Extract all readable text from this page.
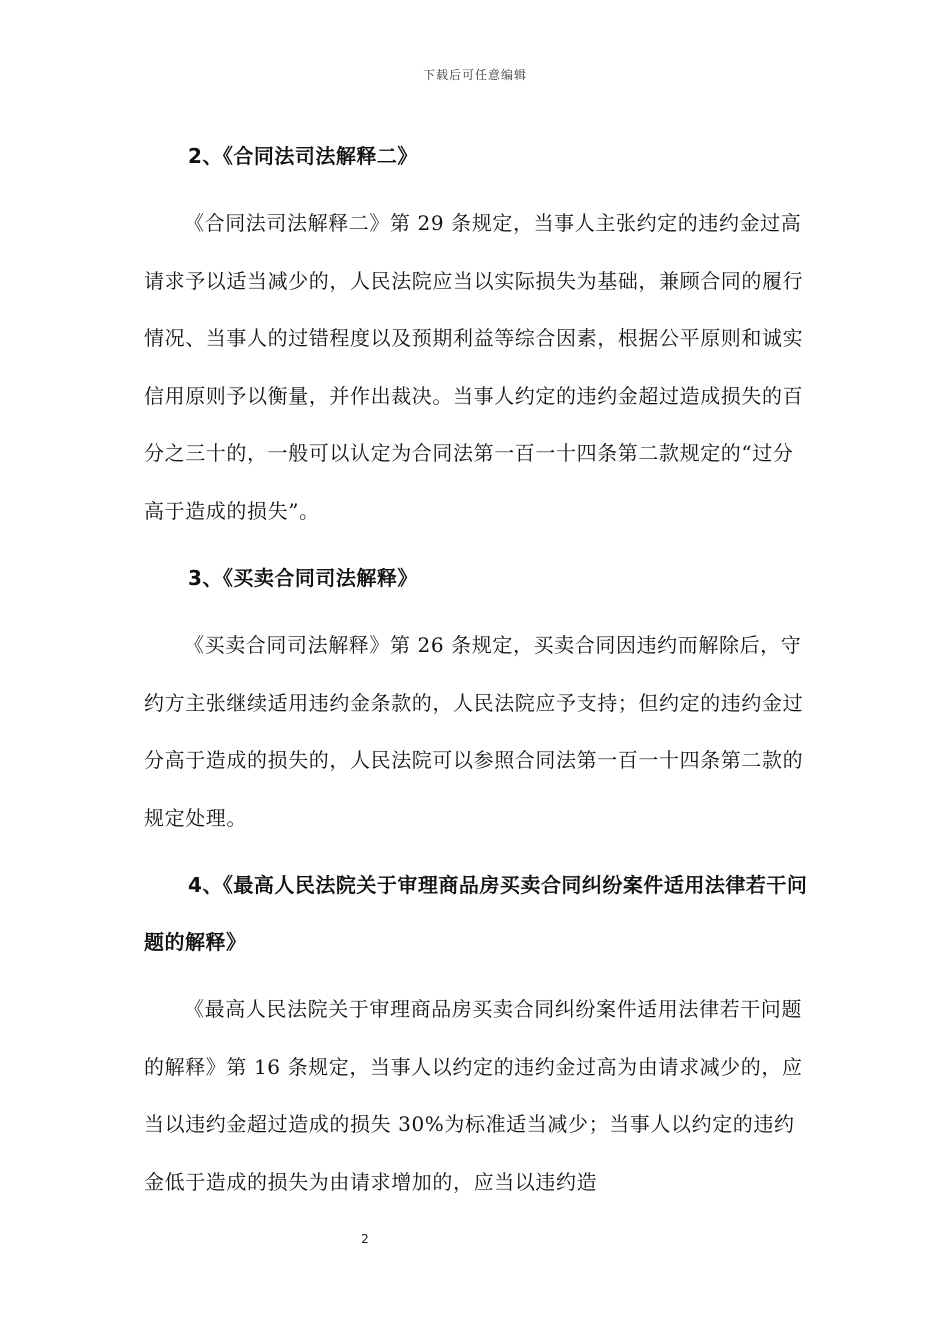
下载后可任意编辑

2、《合同法司法解释二》

《合同法司法解释二》第 29 条规定，当事人主张约定的违约金过高请求予以适当减少的，人民法院应当以实际损失为基础，兼顾合同的履行情况、当事人的过错程度以及预期利益等综合因素，根据公平原则和诚实信用原则予以衡量，并作出裁决。当事人约定的违约金超过造成损失的百分之三十的，一般可以认定为合同法第一百一十四条第二款规定的“过分高于造成的损失”。

3、《买卖合同司法解释》

《买卖合同司法解释》第 26 条规定，买卖合同因违约而解除后，守约方主张继续适用违约金条款的，人民法院应予支持；但约定的违约金过分高于造成的损失的，人民法院可以参照合同法第一百一十四条第二款的规定处理。

4、《最高人民法院关于审理商品房买卖合同纠纷案件适用法律若干问题的解释》

《最高人民法院关于审理商品房买卖合同纠纷案件适用法律若干问题的解释》第 16 条规定，当事人以约定的违约金过高为由请求减少的，应当以违约金超过造成的损失 30%为标准适当减少；当事人以约定的违约金低于造成的损失为由请求增加的，应当以违约造

2
